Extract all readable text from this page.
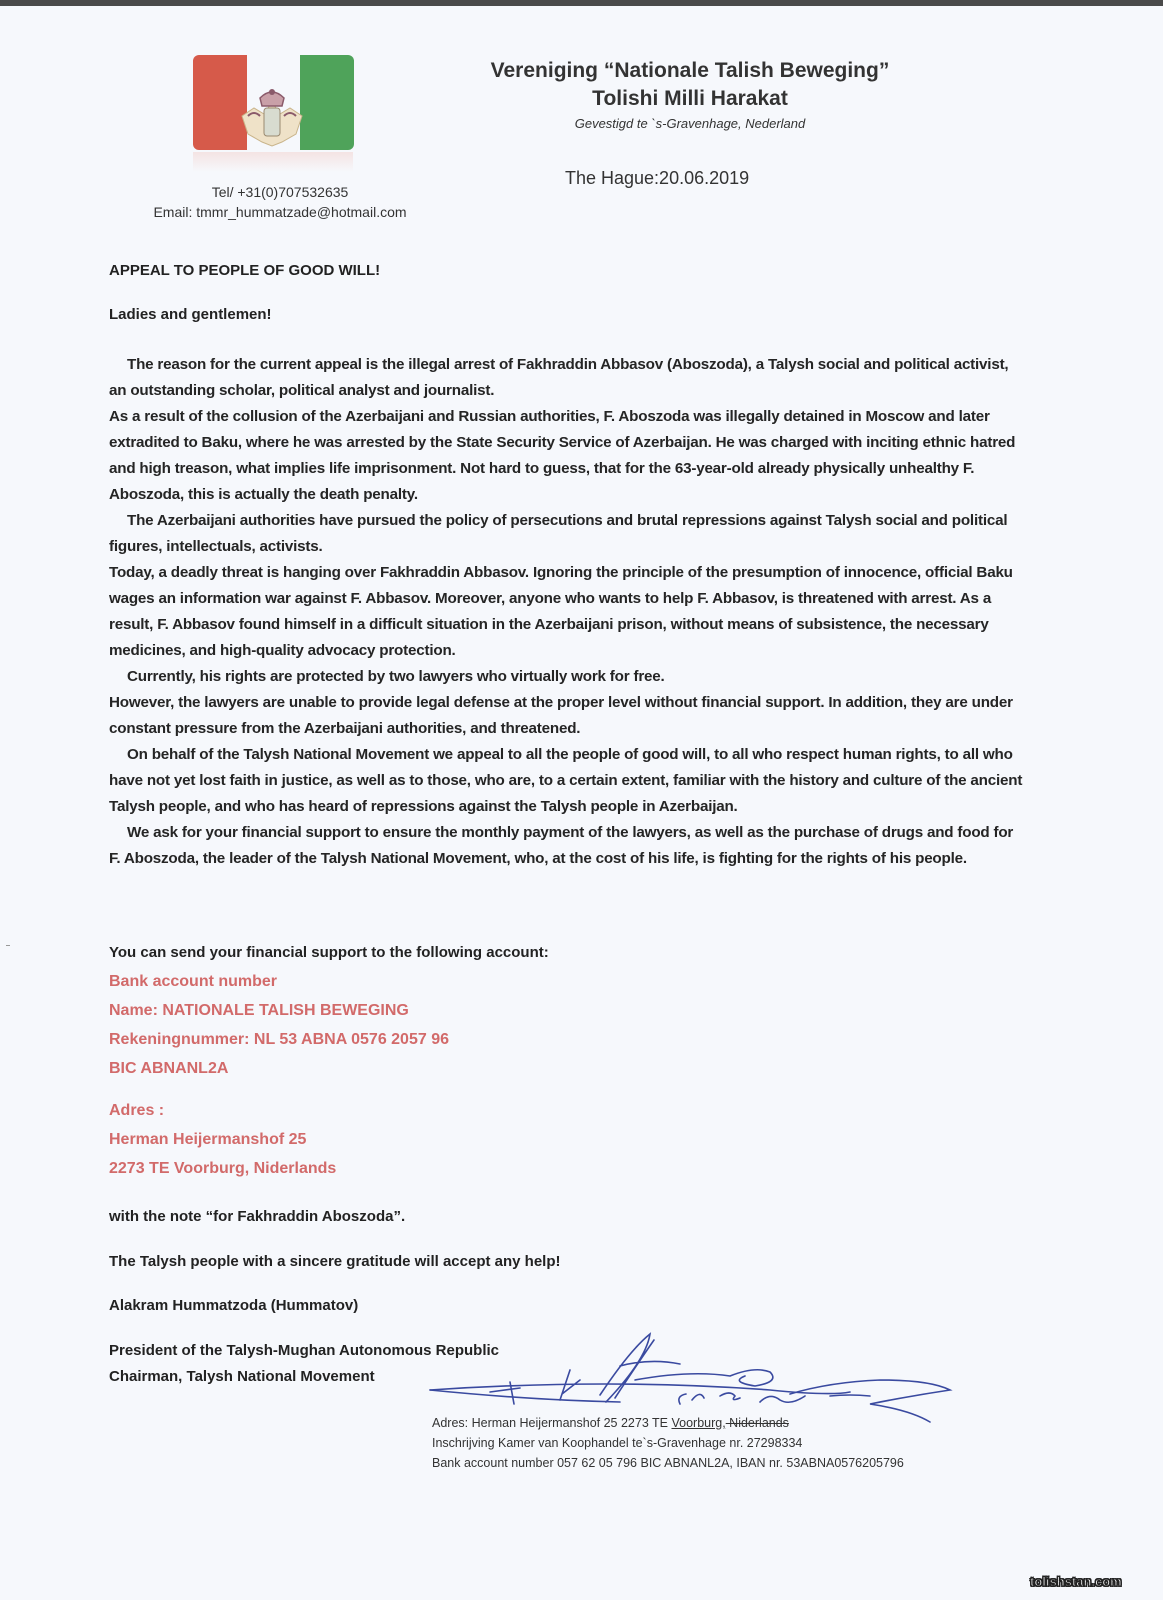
Tel/ +31(0)707532635
Email: tmmr_hummatzade@hotmail.com
Vereniging “Nationale Talish Beweging”
Tolishi Milli Harakat
Gevestigd te `s-Gravenhage, Nederland
The Hague:20.06.2019
APPEAL TO PEOPLE OF GOOD WILL!
Ladies and gentlemen!

The reason for the current appeal is the illegal arrest of Fakhraddin Abbasov (Aboszoda), a Talysh social and political activist, an outstanding scholar, political analyst and journalist.

As a result of the collusion of the Azerbaijani and Russian authorities, F. Aboszoda was illegally detained in Moscow and later extradited to Baku, where he was arrested by the State Security Service of Azerbaijan. He was charged with inciting ethnic hatred and high treason, what implies life imprisonment. Not hard to guess, that for the 63-year-old already physically unhealthy F. Aboszoda, this is actually the death penalty.

The Azerbaijani authorities have pursued the policy of persecutions and brutal repressions against Talysh social and political figures, intellectuals, activists.

Today, a deadly threat is hanging over Fakhraddin Abbasov. Ignoring the principle of the presumption of innocence, official Baku wages an information war against F. Abbasov. Moreover, anyone who wants to help F. Abbasov, is threatened with arrest. As a result, F. Abbasov found himself in a difficult situation in the Azerbaijani prison, without means of subsistence, the necessary medicines, and high-quality advocacy protection.

Currently, his rights are protected by two lawyers who virtually work for free.

However, the lawyers are unable to provide legal defense at the proper level without financial support. In addition, they are under constant pressure from the Azerbaijani authorities, and threatened.

On behalf of the Talysh National Movement we appeal to all the people of good will, to all who respect human rights, to all who have not yet lost faith in justice, as well as to those, who are, to a certain extent, familiar with the history and culture of the ancient Talysh people, and who has heard of repressions against the Talysh people in Azerbaijan.

We ask for your financial support to ensure the monthly payment of the lawyers, as well as the purchase of drugs and food for F. Aboszoda, the leader of the Talysh National Movement, who, at the cost of his life, is fighting for the rights of his people.

You can send your financial support to the following account:
Bank account number
Name: NATIONALE TALISH BEWEGING
Rekeningnummer: NL 53 ABNA 0576 2057 96
BIC ABNANL2A
Adres :
Herman Heijermanshof 25
2273 TE Voorburg, Niderlands
with the note “for Fakhraddin Aboszoda”.
The Talysh people with a sincere gratitude will accept any help!
Alakram Hummatzoda (Hummatov)
President of the Talysh-Mughan Autonomous Republic
Chairman, Talysh National Movement
Adres: Herman Heijermanshof 25 2273 TE Voorburg, Niderlands
Inschrijving Kamer van Koophandel te`s-Gravenhage nr. 27298334
Bank account number 057 62 05 796 BIC ABNANL2A, IBAN nr. 53ABNA0576205796
tolishstan.com
